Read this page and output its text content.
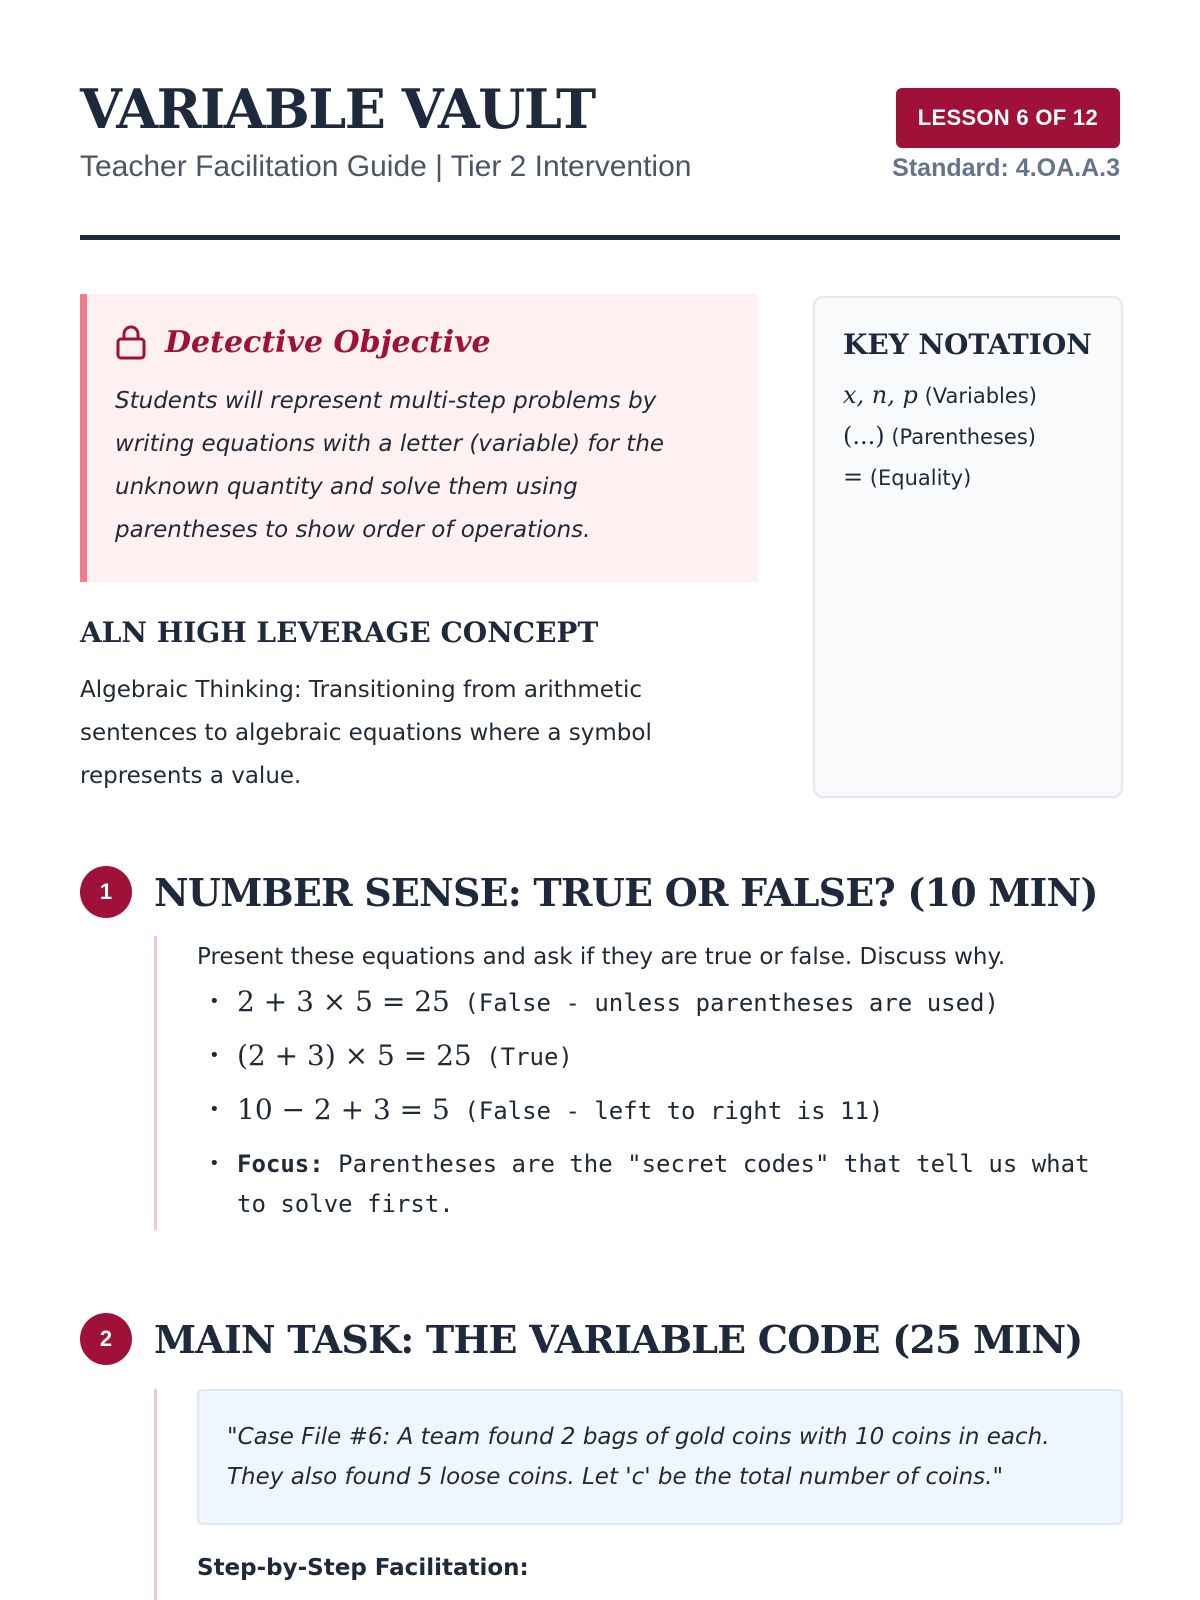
VARIABLE VAULT
Teacher Facilitation Guide | Tier 2 Intervention
LESSON 6 OF 12
Standard: 4.OA.A.3
Detective Objective
Students will represent multi-step problems by writing equations with a letter (variable) for the unknown quantity and solve them using parentheses to show order of operations.
KEY NOTATION
x, n, p (Variables)
(...) (Parentheses)
= (Equality)
ALN HIGH LEVERAGE CONCEPT
Algebraic Thinking: Transitioning from arithmetic sentences to algebraic equations where a symbol represents a value.
1	NUMBER SENSE: TRUE OR FALSE? (10 MIN)
Present these equations and ask if they are true or false. Discuss why.
• 2 + 3 × 5 = 25 (False - unless parentheses are used)
• (2 + 3) × 5 = 25 (True)
• 10 − 2 + 3 = 5 (False - left to right is 11)
• Focus: Parentheses are the "secret codes" that tell us what to solve first.
2	MAIN TASK: THE VARIABLE CODE (25 MIN)
"Case File #6: A team found 2 bags of gold coins with 10 coins in each. They also found 5 loose coins. Let 'c' be the total number of coins."
Step-by-Step Facilitation:
